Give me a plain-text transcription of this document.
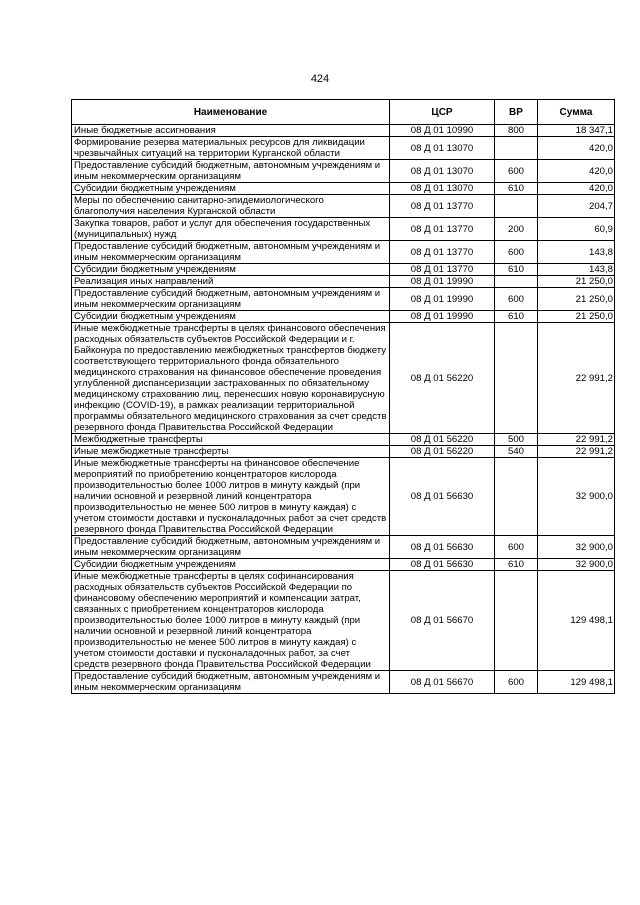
424
Наименование	ЦСР	ВР	Сумма
Иные бюджетные ассигнования	08 Д 01 10990	800	18 347,1
Формирование резерва материальных ресурсов для ликвидации чрезвычайных ситуаций на территории Курганской области	08 Д 01 13070		420,0
Предоставление субсидий бюджетным, автономным учреждениям и иным некоммерческим организациям	08 Д 01 13070	600	420,0
Субсидии бюджетным учреждениям	08 Д 01 13070	610	420,0
Меры по обеспечению санитарно-эпидемиологического благополучия населения Курганской области	08 Д 01 13770		204,7
Закупка товаров, работ и услуг для обеспечения государственных (муниципальных) нужд	08 Д 01 13770	200	60,9
Предоставление субсидий бюджетным, автономным учреждениям и иным некоммерческим организациям	08 Д 01 13770	600	143,8
Субсидии бюджетным учреждениям	08 Д 01 13770	610	143,8
Реализация иных направлений	08 Д 01 19990		21 250,0
Предоставление субсидий бюджетным, автономным учреждениям и иным некоммерческим организациям	08 Д 01 19990	600	21 250,0
Субсидии бюджетным учреждениям	08 Д 01 19990	610	21 250,0
Иные межбюджетные трансферты в целях финансового обеспечения расходных обязательств субъектов Российской Федерации и г. Байконура по предоставлению межбюджетных трансфертов бюджету соответствующего территориального фонда обязательного медицинского страхования на финансовое обеспечение проведения углубленной диспансеризации застрахованных по обязательному медицинскому страхованию лиц, перенесших новую коронавирусную инфекцию (COVID-19), в рамках реализации территориальной программы обязательного медицинского страхования за счет средств резервного фонда Правительства Российской Федерации	08 Д 01 56220		22 991,2
Межбюджетные трансферты	08 Д 01 56220	500	22 991,2
Иные межбюджетные трансферты	08 Д 01 56220	540	22 991,2
Иные межбюджетные трансферты на финансовое обеспечение мероприятий по приобретению концентраторов кислорода производительностью более 1000 литров в минуту каждый (при наличии основной и резервной линий концентратора производительностью не менее 500 литров в минуту каждая) с учетом стоимости доставки и пусконаладочных работ за счет средств резервного фонда Правительства Российской Федерации	08 Д 01 56630		32 900,0
Предоставление субсидий бюджетным, автономным учреждениям и иным некоммерческим организациям	08 Д 01 56630	600	32 900,0
Субсидии бюджетным учреждениям	08 Д 01 56630	610	32 900,0
Иные межбюджетные трансферты в целях софинансирования расходных обязательств субъектов Российской Федерации по финансовому обеспечению мероприятий и компенсации затрат, связанных с приобретением концентраторов кислорода производительностью более 1000 литров в минуту каждый (при наличии основной и резервной линий концентратора производительностью не менее 500 литров в минуту каждая) с учетом стоимости доставки и пусконаладочных работ, за счет средств резервного фонда Правительства Российской Федерации	08 Д 01 56670		129 498,1
Предоставление субсидий бюджетным, автономным учреждениям и иным некоммерческим организациям	08 Д 01 56670	600	129 498,1
